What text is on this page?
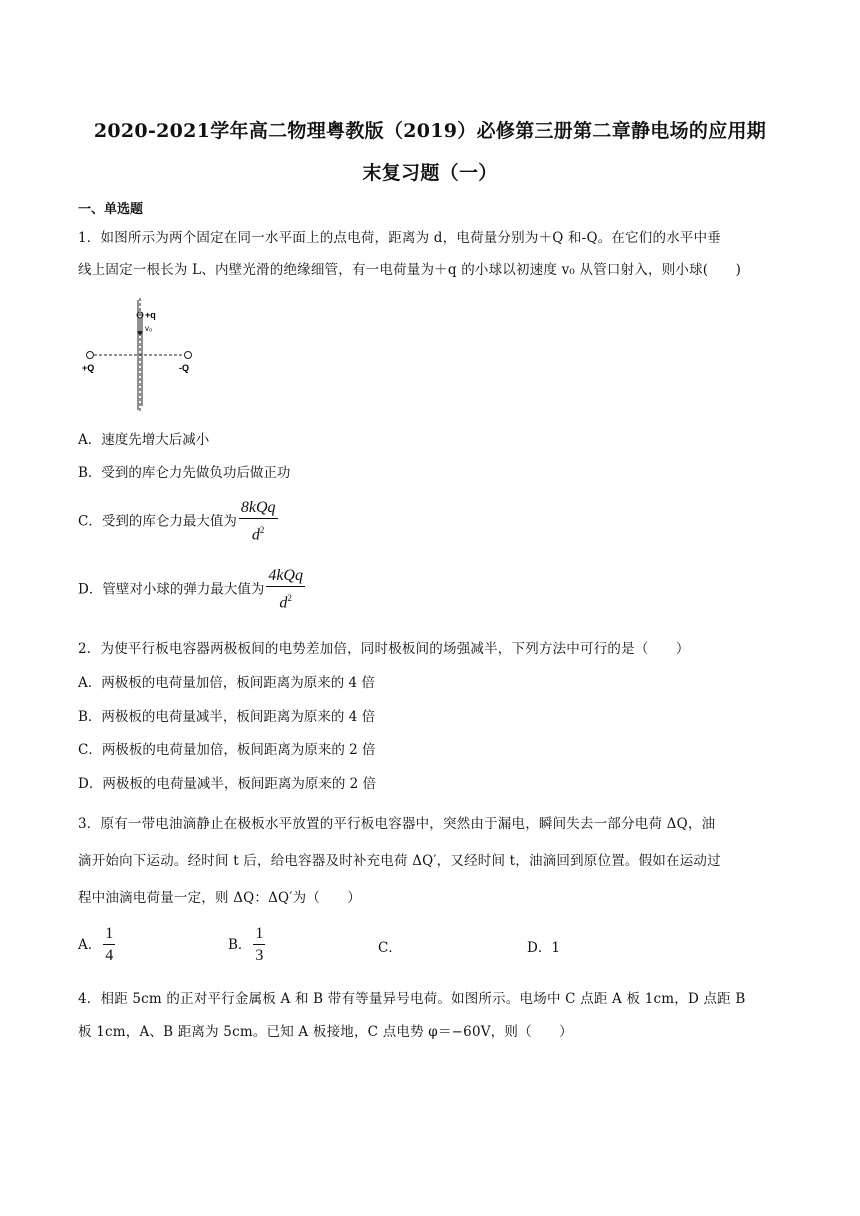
2020-2021学年高二物理粤教版（2019）必修第三册第二章静电场的应用期
末复习题（一）
一、单选题
1．如图所示为两个固定在同一水平面上的点电荷，距离为 d，电荷量分别为＋Q 和-Q。在它们的水平中垂
线上固定一根长为 L、内壁光滑的绝缘细管，有一电荷量为＋q 的小球以初速度 v₀ 从管口射入，则小球(　　)
+q
v₀
+Q	-Q
A．速度先增大后减小
B．受到的库仑力先做负功后做正功
C．受到的库仑力最大值为 $\frac{\text{8kQq}}{d^2}$
D．管壁对小球的弹力最大值为 $\frac{\text{4kQq}}{d^2}$
2．为使平行板电容器两极板间的电势差加倍，同时极板间的场强减半，下列方法中可行的是（　　）
A．两极板的电荷量加倍，板间距离为原来的 4 倍
B．两极板的电荷量减半，板间距离为原来的 4 倍
C．两极板的电荷量加倍，板间距离为原来的 2 倍
D．两极板的电荷量减半，板间距离为原来的 2 倍
3．原有一带电油滴静止在极板水平放置的平行板电容器中，突然由于漏电，瞬间失去一部分电荷 ΔQ，油
滴开始向下运动。经时间 t 后，给电容器及时补充电荷 ΔQ′，又经时间 t，油滴回到原位置。假如在运动过
程中油滴电荷量一定，则 ΔQ：ΔQ′为（　　）
A． $\frac{1}{4}$	B． $\frac{1}{3}$	C．	D．1
4．相距 5cm 的正对平行金属板 A 和 B 带有等量异号电荷。如图所示。电场中 C 点距 A 板 1cm，D 点距 B
板 1cm，A、B 距离为 5cm。已知 A 板接地，C 点电势 φ＝−60V，则（　　）
